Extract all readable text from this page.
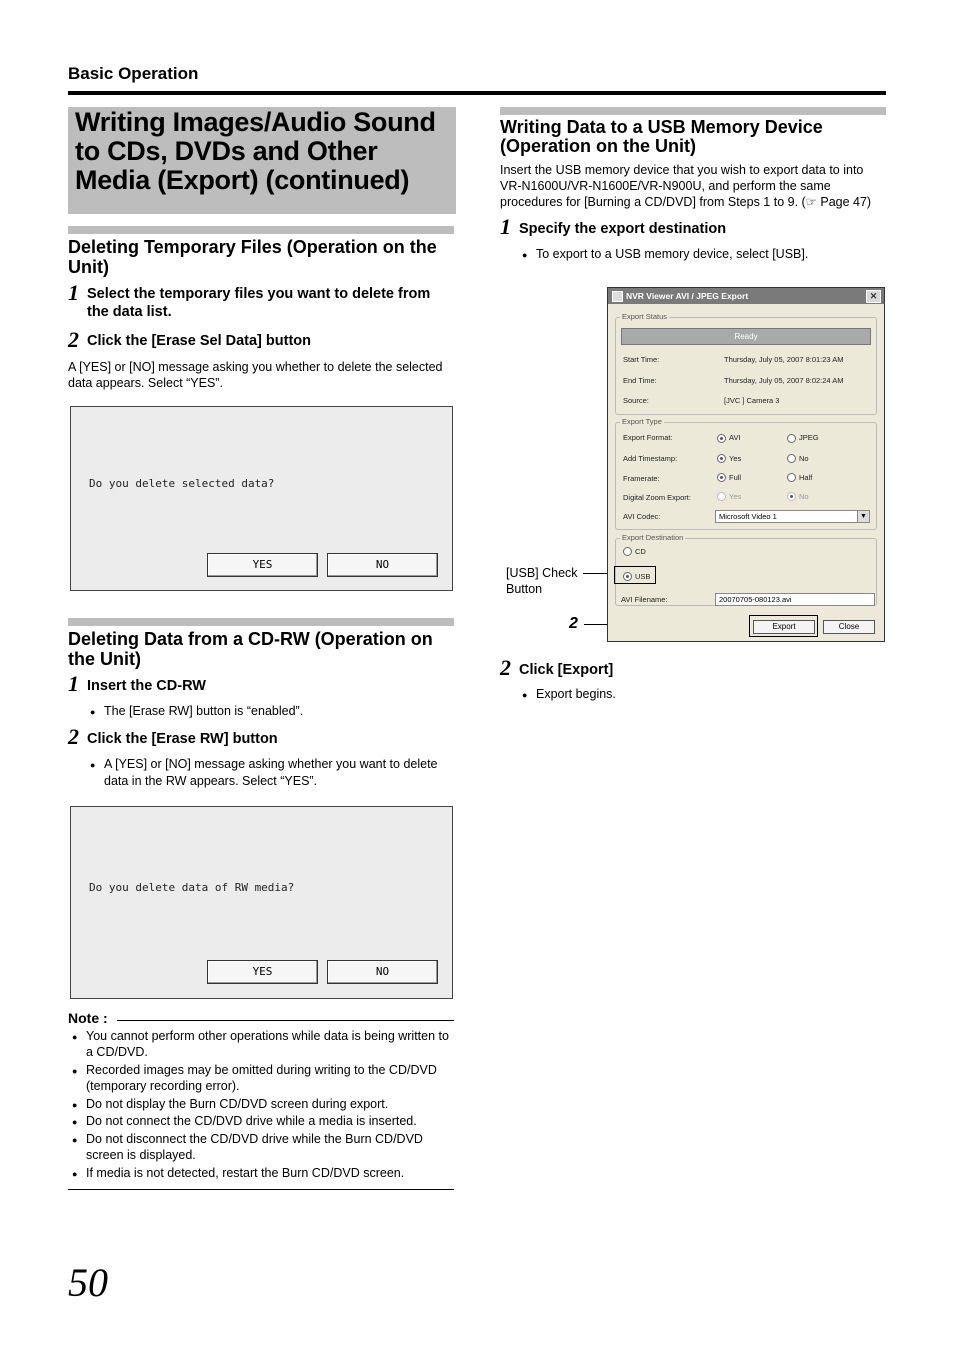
Basic Operation
Writing Images/Audio Sound to CDs, DVDs and Other Media (Export) (continued)
Deleting Temporary Files (Operation on the Unit)
1 Select the temporary files you want to delete from the data list.
2 Click the [Erase Sel Data] button
A [YES] or [NO] message asking you whether to delete the selected data appears. Select “YES”.
Do you delete selected data?
YES	NO
Deleting Data from a CD-RW (Operation on the Unit)
1 Insert the CD-RW
● The [Erase RW] button is “enabled”.
2 Click the [Erase RW] button
● A [YES] or [NO] message asking whether you want to delete data in the RW appears. Select “YES”.
Do you delete data of RW media?
YES	NO
Note :
● You cannot perform other operations while data is being written to a CD/DVD.
● Recorded images may be omitted during writing to the CD/DVD (temporary recording error).
● Do not display the Burn CD/DVD screen during export.
● Do not connect the CD/DVD drive while a media is inserted.
● Do not disconnect the CD/DVD drive while the Burn CD/DVD screen is displayed.
● If media is not detected, restart the Burn CD/DVD screen.
Writing Data to a USB Memory Device (Operation on the Unit)
Insert the USB memory device that you wish to export data to into VR-N1600U/VR-N1600E/VR-N900U, and perform the same procedures for [Burning a CD/DVD] from Steps 1 to 9. (☞ Page 47)
1 Specify the export destination
● To export to a USB memory device, select [USB].
[USB] Check Button
2
NVR Viewer AVI / JPEG Export	✕
Export Status
Ready
Start Time:	Thursday, July 05, 2007 8:01:23 AM
End Time:	Thursday, July 05, 2007 8:02:24 AM
Source:	[JVC ] Camera 3
Export Type
Export Format:	AVI	JPEG
Add Timestamp:	Yes	No
Framerate:	Full	Half
Digital Zoom Export:	Yes	No
AVI Codec:	Microsoft Video 1	▼
Export Destination
CD
USB
AVI Filename:	20070705-080123.avi
Export	Close
2 Click [Export]
● Export begins.
50
